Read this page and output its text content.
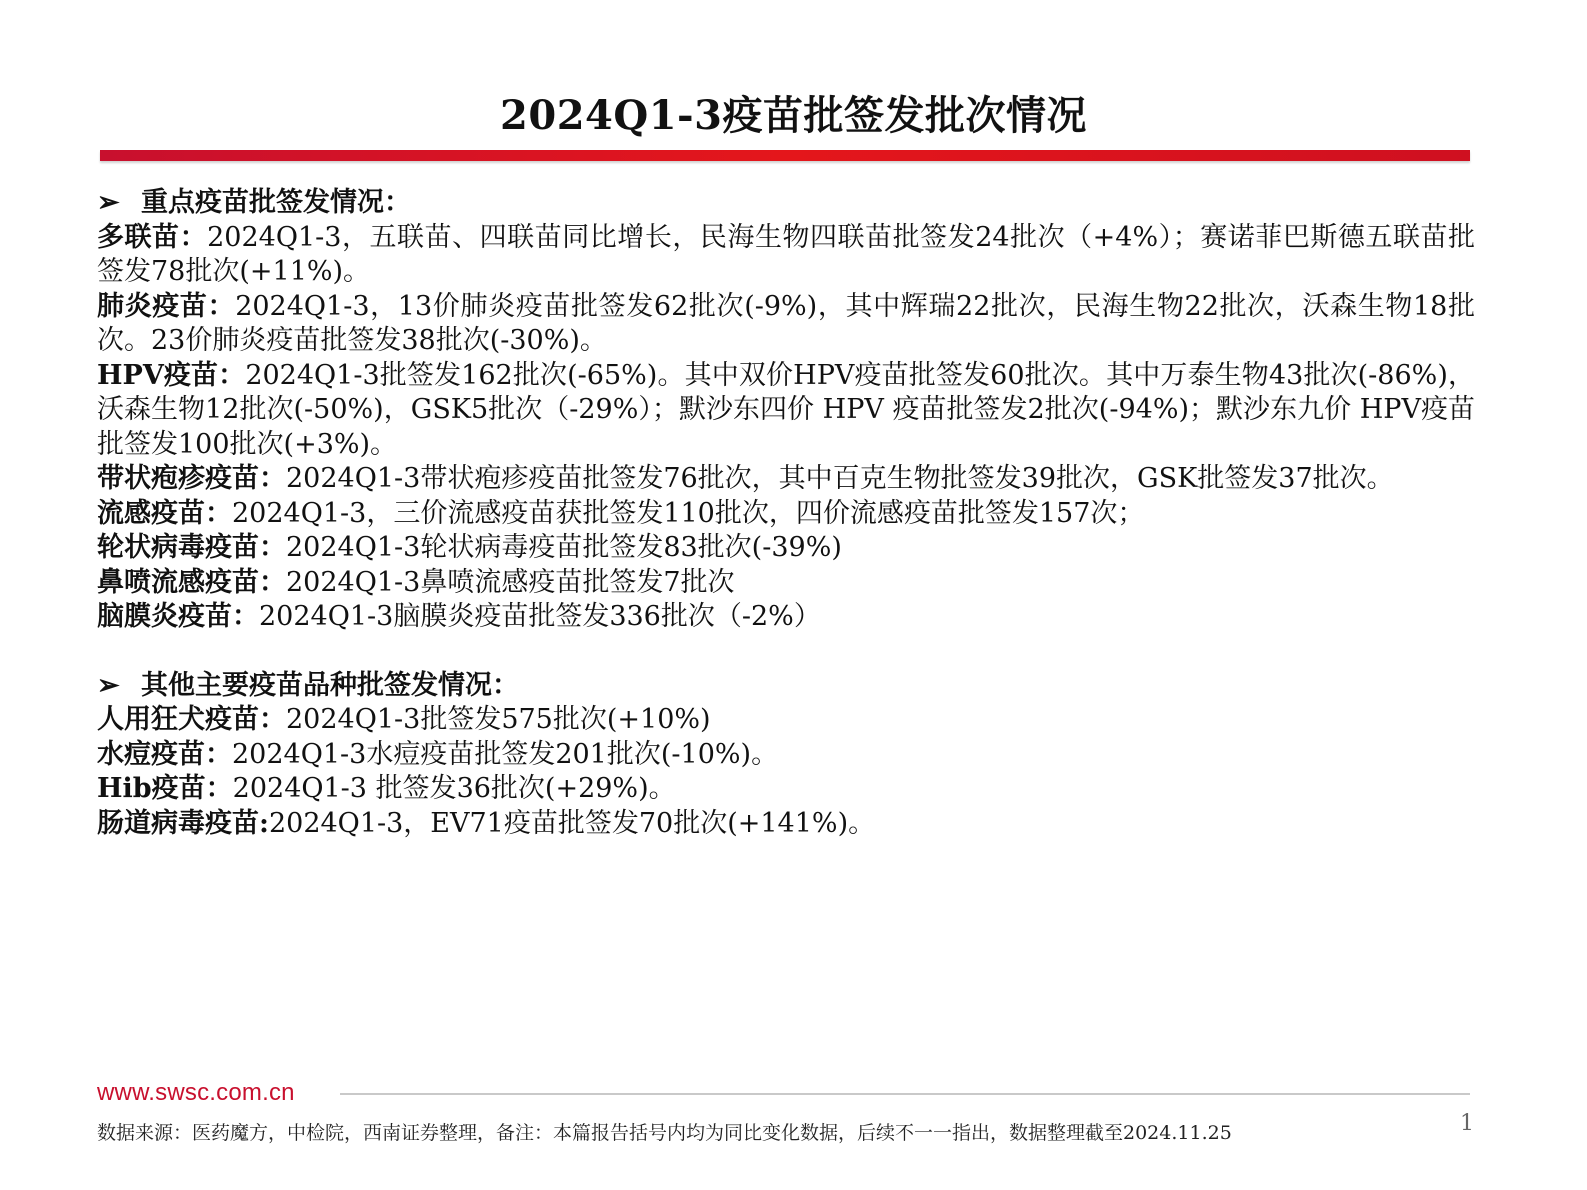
2024Q1-3疫苗批签发批次情况
➢ 重点疫苗批签发情况：

多联苗：2024Q1-3，五联苗、四联苗同比增长，民海生物四联苗批签发24批次（+4%）；赛诺菲巴斯德五联苗批签发78批次(+11%)。

肺炎疫苗：2024Q1-3，13价肺炎疫苗批签发62批次(-9%)，其中辉瑞22批次，民海生物22批次，沃森生物18批次。23价肺炎疫苗批签发38批次(-30%)。

HPV疫苗：2024Q1-3批签发162批次(-65%)。其中双价HPV疫苗批签发60批次。其中万泰生物43批次(-86%)，沃森生物12批次(-50%)，GSK5批次（-29%）；默沙东四价 HPV 疫苗批签发2批次(-94%)；默沙东九价 HPV疫苗批签发100批次(+3%)。

带状疱疹疫苗：2024Q1-3带状疱疹疫苗批签发76批次，其中百克生物批签发39批次，GSK批签发37批次。

流感疫苗：2024Q1-3，三价流感疫苗获批签发110批次，四价流感疫苗批签发157次；

轮状病毒疫苗：2024Q1-3轮状病毒疫苗批签发83批次(-39%)

鼻喷流感疫苗：2024Q1-3鼻喷流感疫苗批签发7批次

脑膜炎疫苗：2024Q1-3脑膜炎疫苗批签发336批次（-2%）

➢ 其他主要疫苗品种批签发情况：

人用狂犬疫苗：2024Q1-3批签发575批次(+10%)

水痘疫苗：2024Q1-3水痘疫苗批签发201批次(-10%)。

Hib疫苗：2024Q1-3 批签发36批次(+29%)。

肠道病毒疫苗:2024Q1-3，EV71疫苗批签发70批次(+141%)。

www.swsc.com.cn
数据来源：医药魔方，中检院，西南证券整理，备注：本篇报告括号内均为同比变化数据，后续不一一指出，数据整理截至2024.11.25	1
